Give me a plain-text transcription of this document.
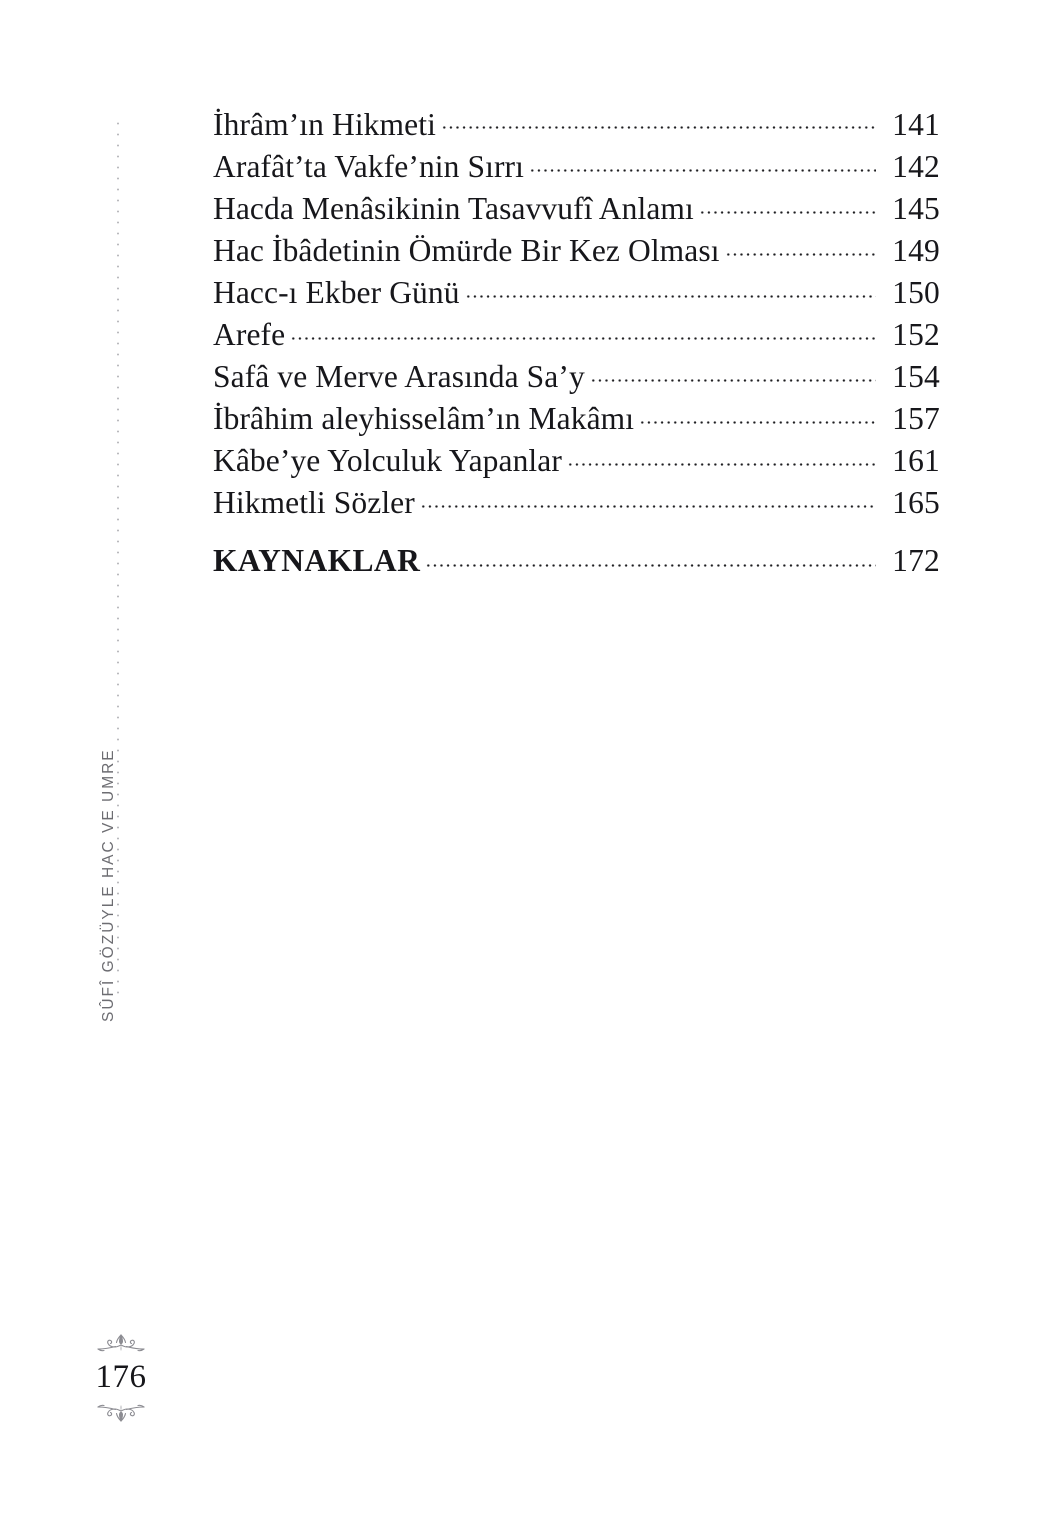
SÛFÎ GÖZÜYLE HAC VE UMRE
İhrâm’ın Hikmeti	141
Arafât’ta Vakfe’nin Sırrı	142
Hacda Menâsikinin Tasavvufî Anlamı	145
Hac İbâdetinin Ömürde Bir Kez Olması	149
Hacc-ı Ekber Günü	150
Arefe	152
Safâ ve Merve Arasında Sa’y	154
İbrâhim aleyhisselâm’ın Makâmı	157
Kâbe’ye Yolculuk Yapanlar	161
Hikmetli Sözler	165
KAYNAKLAR	172
176
